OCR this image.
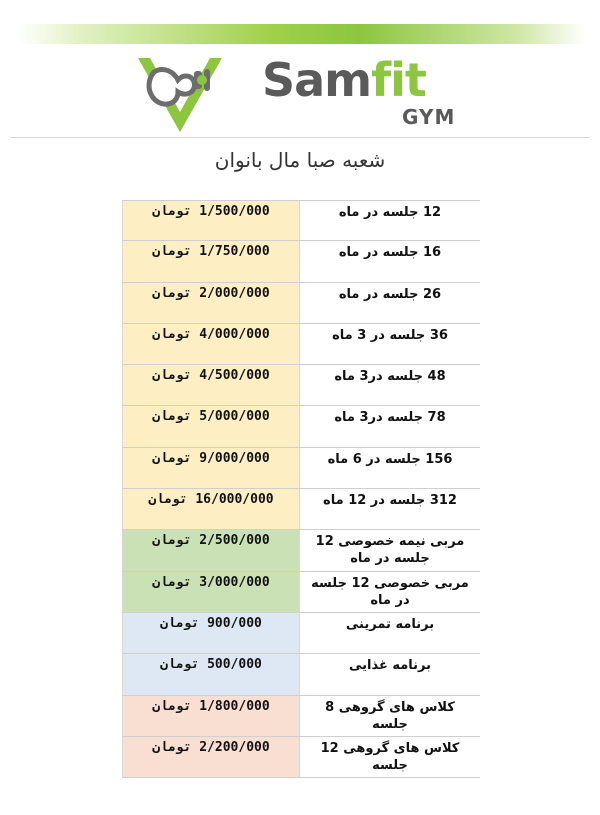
Samfit
GYM
شعبه صبا مال بانوان
1/500/000 تومان	12 جلسه در ماه
1/750/000 تومان	16 جلسه در ماه
2/000/000 تومان	26 جلسه در ماه
4/000/000 تومان	36 جلسه در 3 ماه
4/500/000 تومان	48 جلسه در3 ماه
5/000/000 تومان	78 جلسه در3 ماه
9/000/000 تومان	156 جلسه در 6 ماه
16/000/000 تومان	312 جلسه در 12 ماه
2/500/000 تومان	مربی نیمه خصوصی 12 جلسه در ماه
3/000/000 تومان	مربی خصوصی 12 جلسه در ماه
900/000 تومان	برنامه تمرینی
500/000 تومان	برنامه غذایی
1/800/000 تومان	کلاس های گروهی 8 جلسه
2/200/000 تومان	کلاس های گروهی 12 جلسه
